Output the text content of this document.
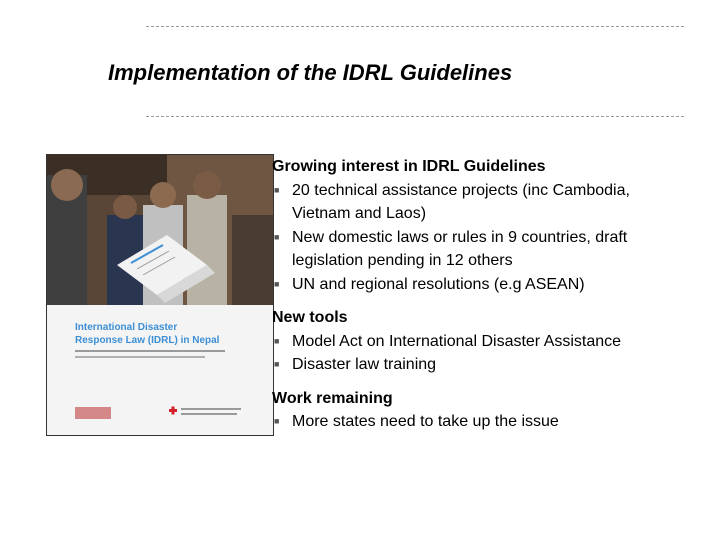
Implementation of the IDRL Guidelines
International Disaster
Response Law (IDRL) in Nepal

Growing interest in IDRL Guidelines

■ 20 technical assistance projects (inc Cambodia, Vietnam and Laos)
■ New domestic laws or rules in 9 countries, draft legislation pending in 12 others
■ UN and regional resolutions (e.g ASEAN)

New tools

■ Model Act on International Disaster Assistance
■ Disaster law training

Work remaining

■ More states need to take up the issue
